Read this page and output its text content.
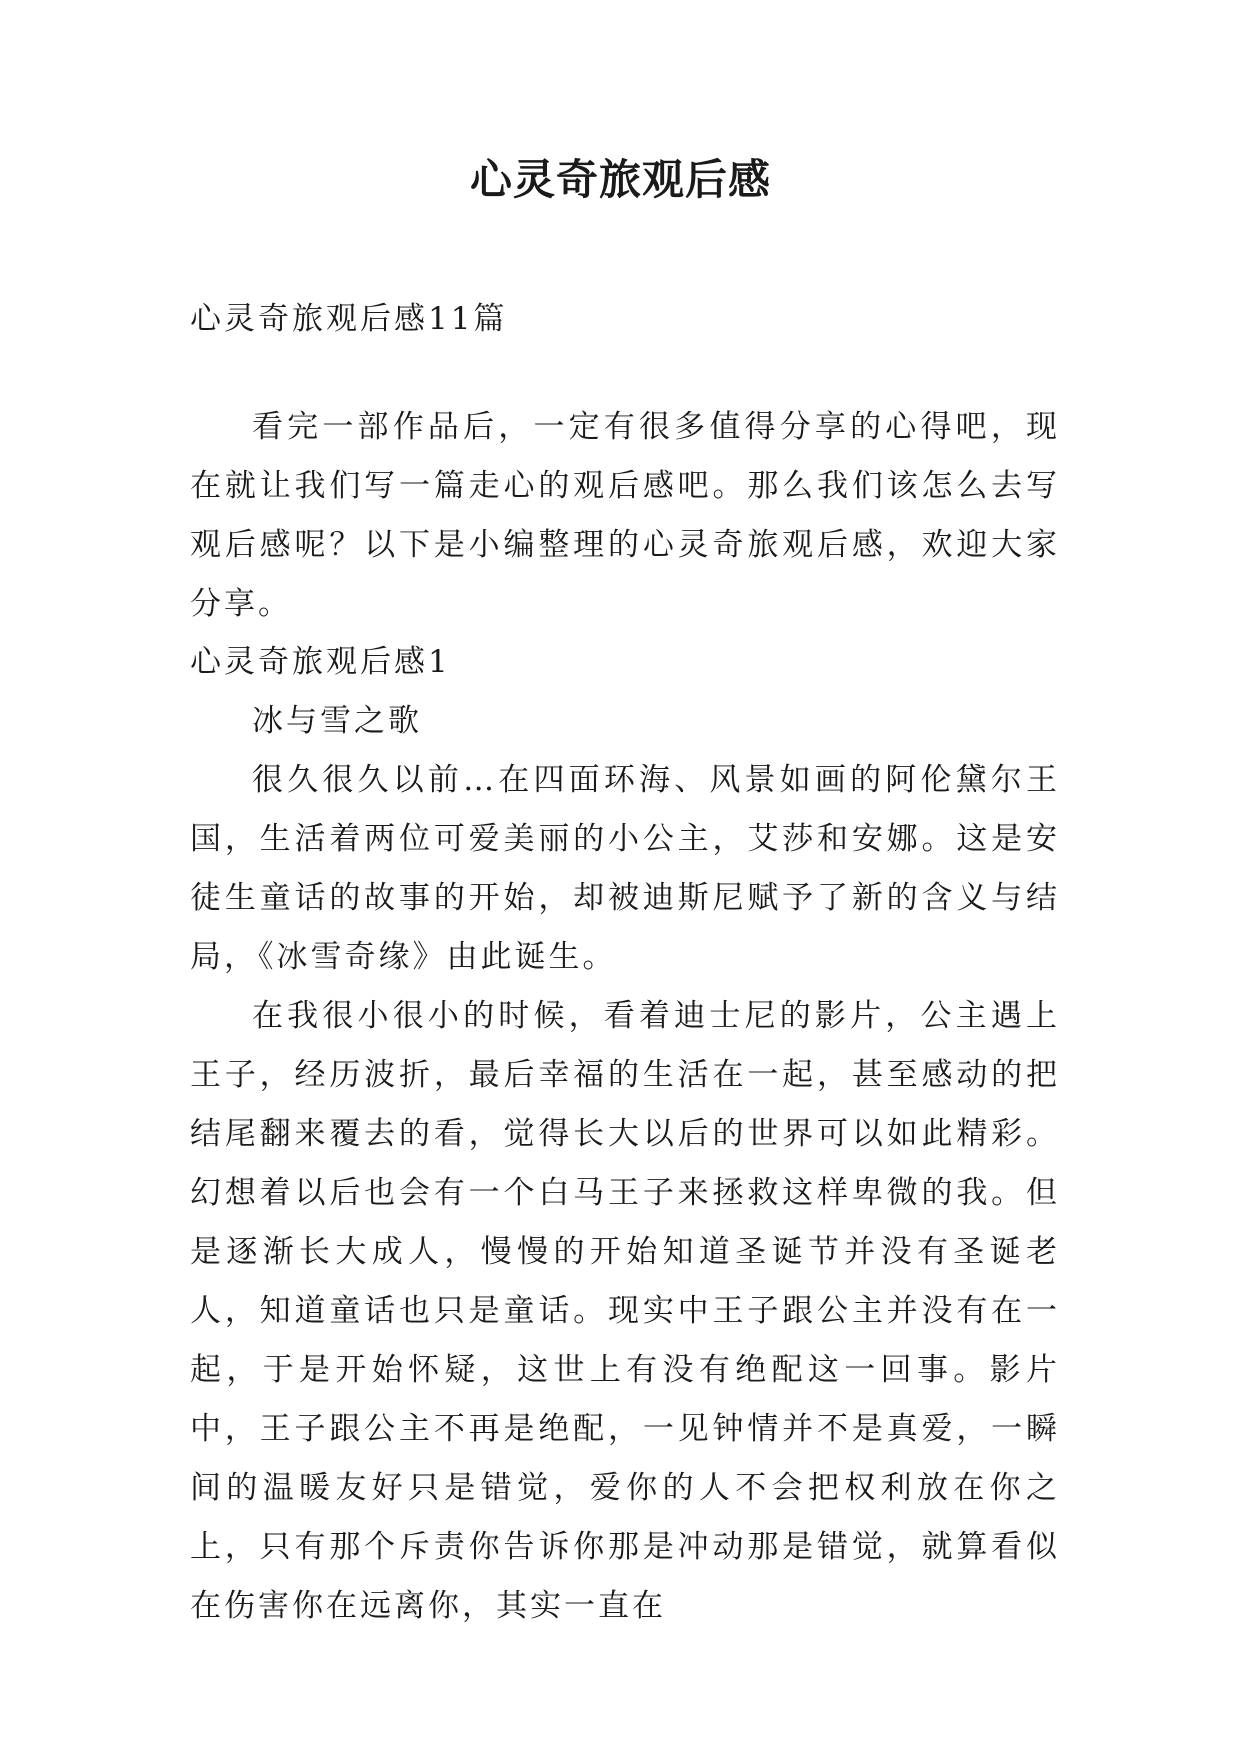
心灵奇旅观后感

心灵奇旅观后感11篇

看完一部作品后，一定有很多值得分享的心得吧，现在就让我们写一篇走心的观后感吧。那么我们该怎么去写观后感呢？以下是小编整理的心灵奇旅观后感，欢迎大家分享。

心灵奇旅观后感1

冰与雪之歌

很久很久以前…在四面环海、风景如画的阿伦黛尔王国，生活着两位可爱美丽的小公主，艾莎和安娜。这是安徒生童话的故事的开始，却被迪斯尼赋予了新的含义与结局，《冰雪奇缘》由此诞生。

在我很小很小的时候，看着迪士尼的影片，公主遇上王子，经历波折，最后幸福的生活在一起，甚至感动的把结尾翻来覆去的看，觉得长大以后的世界可以如此精彩。幻想着以后也会有一个白马王子来拯救这样卑微的我。但是逐渐长大成人，慢慢的开始知道圣诞节并没有圣诞老人，知道童话也只是童话。现实中王子跟公主并没有在一起，于是开始怀疑，这世上有没有绝配这一回事。影片中，王子跟公主不再是绝配，一见钟情并不是真爱，一瞬间的温暖友好只是错觉，爱你的人不会把权利放在你之上，只有那个斥责你告诉你那是冲动那是错觉，就算看似在伤害你在远离你，其实一直在
